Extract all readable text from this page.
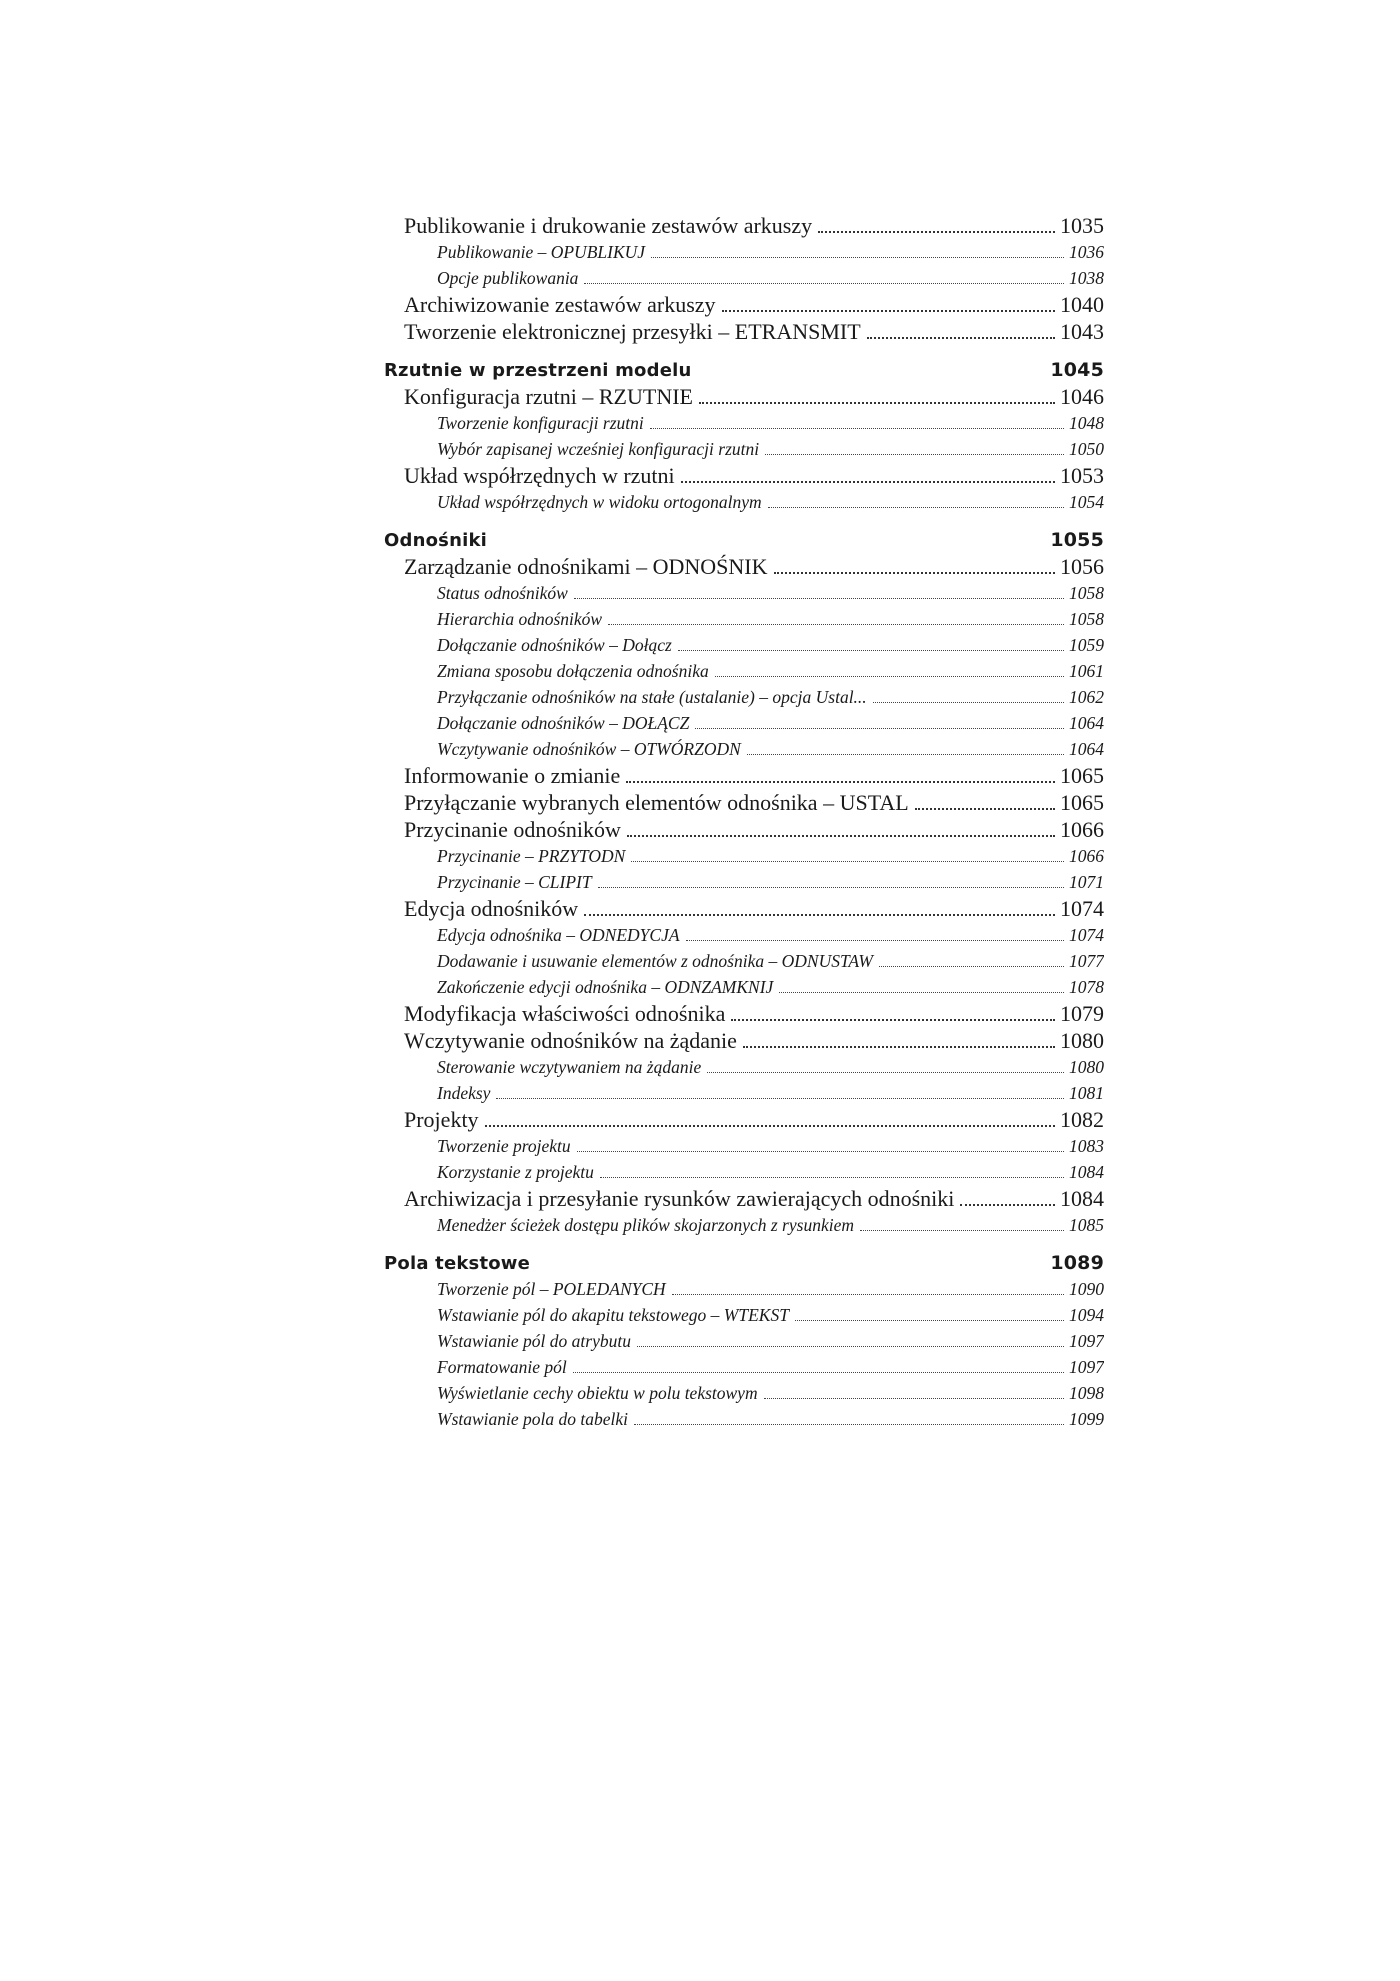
Publikowanie i drukowanie zestawów arkuszy	1035
Publikowanie – OPUBLIKUJ	1036
Opcje publikowania	1038
Archiwizowanie zestawów arkuszy	1040
Tworzenie elektronicznej przesyłki – ETRANSMIT	1043
Rzutnie w przestrzeni modelu	1045
Konfiguracja rzutni – RZUTNIE	1046
Tworzenie konfiguracji rzutni	1048
Wybór zapisanej wcześniej konfiguracji rzutni	1050
Układ współrzędnych w rzutni	1053
Układ współrzędnych w widoku ortogonalnym	1054
Odnośniki	1055
Zarządzanie odnośnikami – ODNOŚNIK	1056
Status odnośników	1058
Hierarchia odnośników	1058
Dołączanie odnośników – Dołącz	1059
Zmiana sposobu dołączenia odnośnika	1061
Przyłączanie odnośników na stałe (ustalanie) – opcja Ustal...	1062
Dołączanie odnośników – DOŁĄCZ	1064
Wczytywanie odnośników – OTWÓRZODN	1064
Informowanie o zmianie	1065
Przyłączanie wybranych elementów odnośnika – USTAL	1065
Przycinanie odnośników	1066
Przycinanie – PRZYTODN	1066
Przycinanie – CLIPIT	1071
Edycja odnośników	1074
Edycja odnośnika – ODNEDYCJA	1074
Dodawanie i usuwanie elementów z odnośnika – ODNUSTAW	1077
Zakończenie edycji odnośnika – ODNZAMKNIJ	1078
Modyfikacja właściwości odnośnika	1079
Wczytywanie odnośników na żądanie	1080
Sterowanie wczytywaniem na żądanie	1080
Indeksy	1081
Projekty	1082
Tworzenie projektu	1083
Korzystanie z projektu	1084
Archiwizacja i przesyłanie rysunków zawierających odnośniki	1084
Menedżer ścieżek dostępu plików skojarzonych z rysunkiem	1085
Pola tekstowe	1089
Tworzenie pól – POLEDANYCH	1090
Wstawianie pól do akapitu tekstowego – WTEKST	1094
Wstawianie pól do atrybutu	1097
Formatowanie pól	1097
Wyświetlanie cechy obiektu w polu tekstowym	1098
Wstawianie pola do tabelki	1099
